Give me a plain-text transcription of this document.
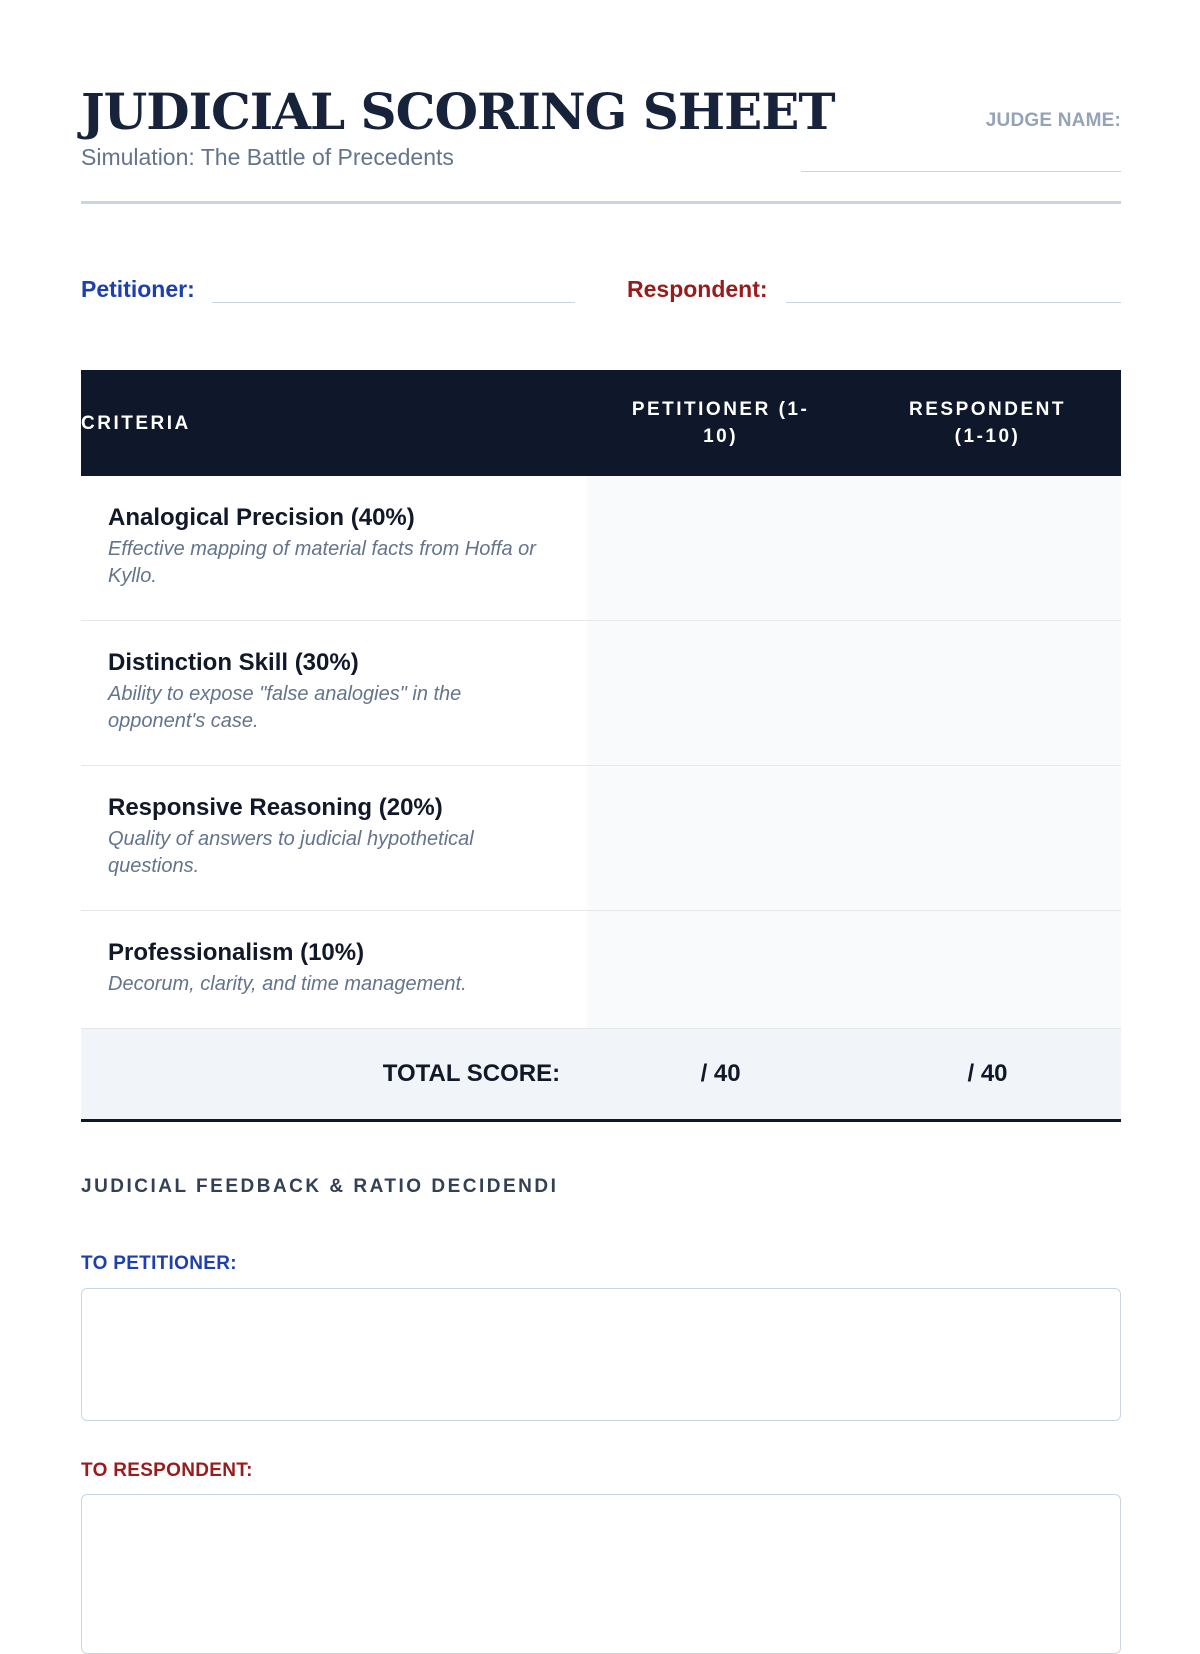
JUDICIAL SCORING SHEET
Simulation: The Battle of Precedents
JUDGE NAME:
Petitioner:	Respondent:
CRITERIA	PETITIONER (1-10)	RESPONDENT (1-10)

Analogical Precision (40%)
Effective mapping of material facts from Hoffa or Kyllo.		

Distinction Skill (30%)
Ability to expose "false analogies" in the opponent's case.		

Responsive Reasoning (20%)
Quality of answers to judicial hypothetical questions.		

Professionalism (10%)
Decorum, clarity, and time management.		

TOTAL SCORE:	/ 40	/ 40
JUDICIAL FEEDBACK & RATIO DECIDENDI
TO PETITIONER:
TO RESPONDENT:
